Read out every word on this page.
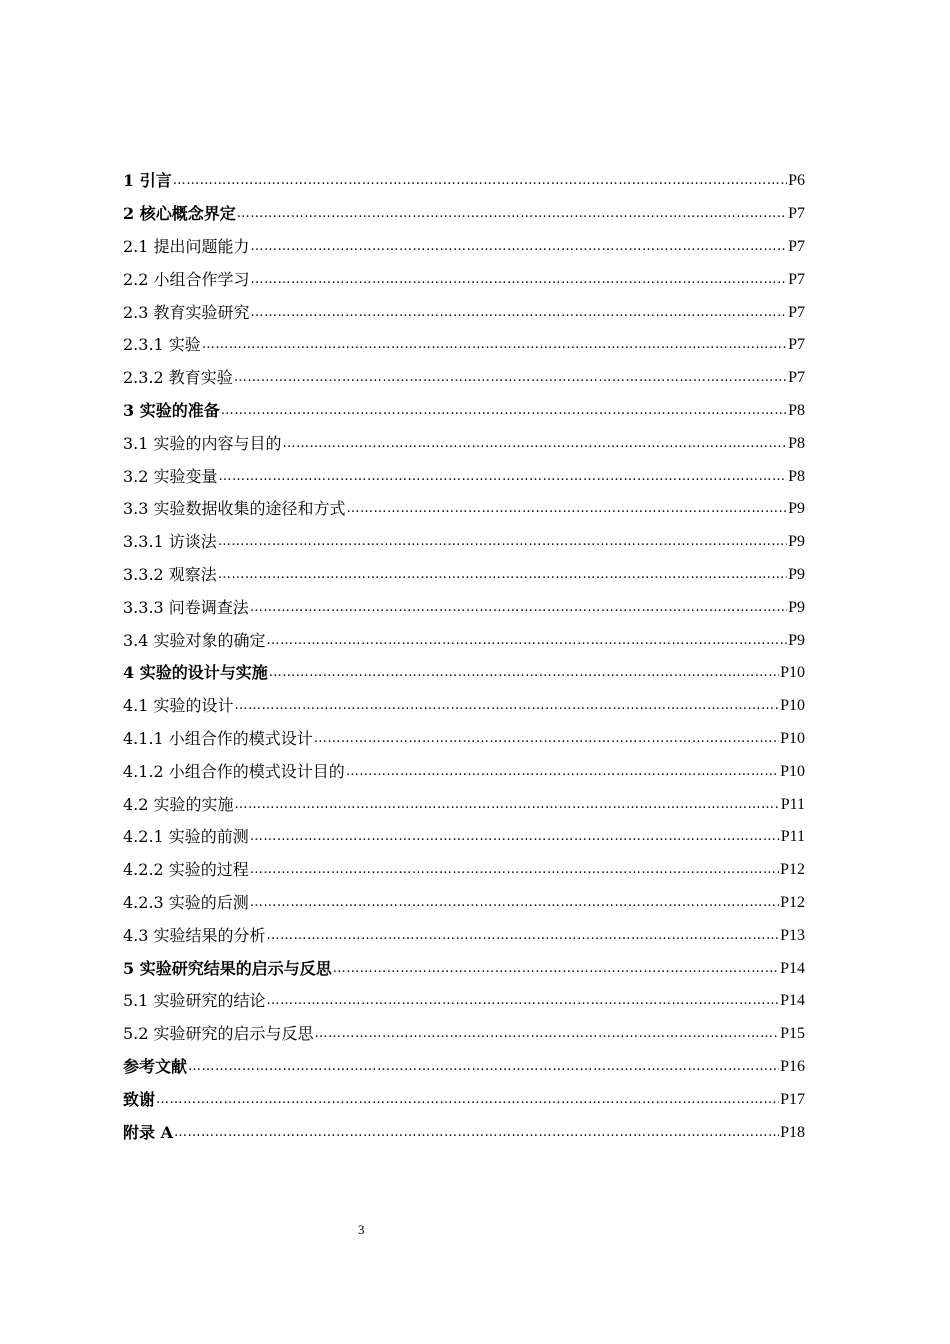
1 引言 …………………………………………………………………………………………………………………………………………………………………………………………………	P6
2 核心概念界定 …………………………………………………………………………………………………………………………………………………………………………………………………	P7
2.1 提出问题能力 …………………………………………………………………………………………………………………………………………………………………………………………………	P7
2.2 小组合作学习 …………………………………………………………………………………………………………………………………………………………………………………………………	P7
2.3 教育实验研究 …………………………………………………………………………………………………………………………………………………………………………………………………	P7
2.3.1 实验 …………………………………………………………………………………………………………………………………………………………………………………………………	P7
2.3.2 教育实验 …………………………………………………………………………………………………………………………………………………………………………………………………	P7
3 实验的准备 …………………………………………………………………………………………………………………………………………………………………………………………………	P8
3.1 实验的内容与目的 …………………………………………………………………………………………………………………………………………………………………………………………………	P8
3.2 实验变量 …………………………………………………………………………………………………………………………………………………………………………………………………	P8
3.3 实验数据收集的途径和方式 …………………………………………………………………………………………………………………………………………………………………………………………………	P9
3.3.1 访谈法 …………………………………………………………………………………………………………………………………………………………………………………………………	P9
3.3.2 观察法 …………………………………………………………………………………………………………………………………………………………………………………………………	P9
3.3.3 问卷调查法 …………………………………………………………………………………………………………………………………………………………………………………………………	P9
3.4 实验对象的确定 …………………………………………………………………………………………………………………………………………………………………………………………………	P9
4 实验的设计与实施 …………………………………………………………………………………………………………………………………………………………………………………………………	P10
4.1 实验的设计 …………………………………………………………………………………………………………………………………………………………………………………………………	P10
4.1.1 小组合作的模式设计 …………………………………………………………………………………………………………………………………………………………………………………………………	P10
4.1.2 小组合作的模式设计目的 …………………………………………………………………………………………………………………………………………………………………………………………………	P10
4.2 实验的实施 …………………………………………………………………………………………………………………………………………………………………………………………………	P11
4.2.1 实验的前测 …………………………………………………………………………………………………………………………………………………………………………………………………	P11
4.2.2 实验的过程 …………………………………………………………………………………………………………………………………………………………………………………………………	P12
4.2.3 实验的后测 …………………………………………………………………………………………………………………………………………………………………………………………………	P12
4.3 实验结果的分析 …………………………………………………………………………………………………………………………………………………………………………………………………	P13
5 实验研究结果的启示与反思 …………………………………………………………………………………………………………………………………………………………………………………………………	P14
5.1 实验研究的结论 …………………………………………………………………………………………………………………………………………………………………………………………………	P14
5.2 实验研究的启示与反思 …………………………………………………………………………………………………………………………………………………………………………………………………	P15
参考文献 …………………………………………………………………………………………………………………………………………………………………………………………………	P16
致谢 …………………………………………………………………………………………………………………………………………………………………………………………………	P17
附录 A …………………………………………………………………………………………………………………………………………………………………………………………………	P18
3
